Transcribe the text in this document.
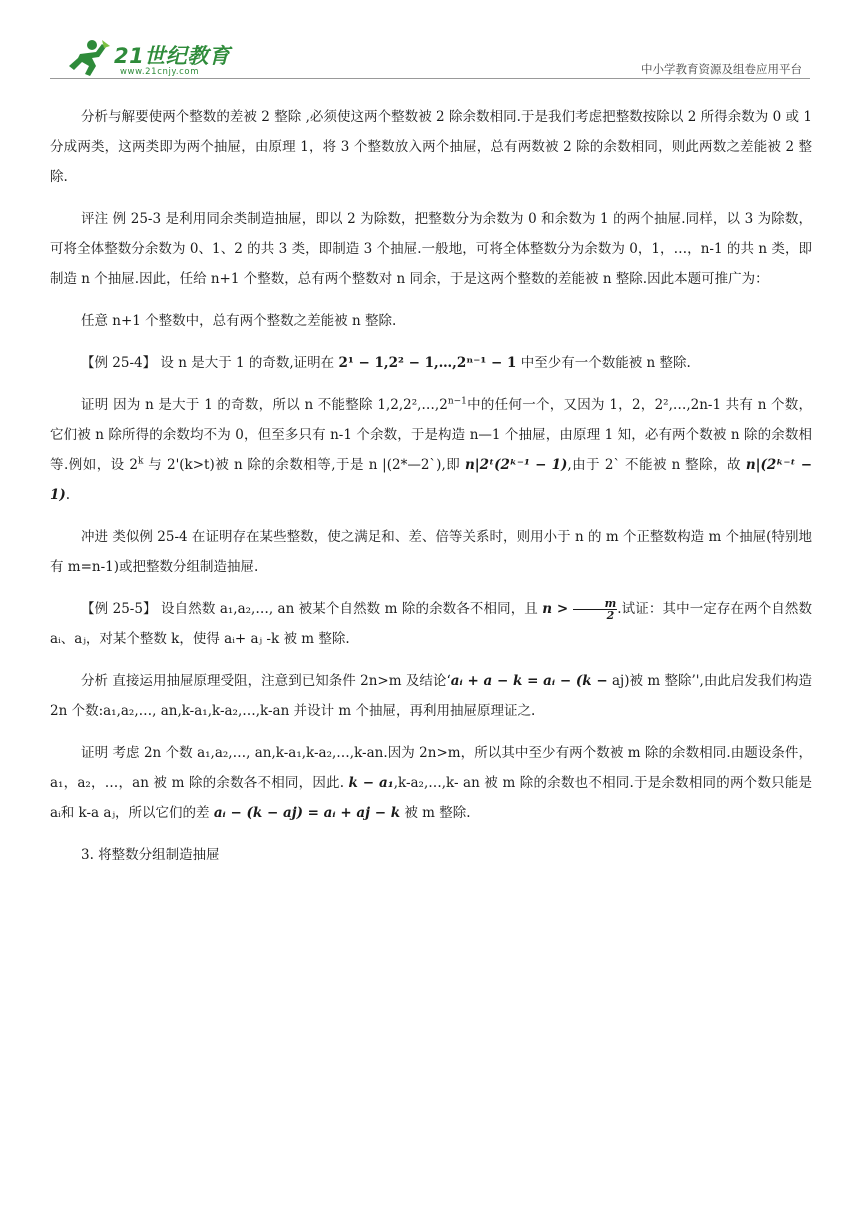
21世纪教育
www.21cnjy.com	中小学教育资源及组卷应用平台

分析与解要使两个整数的差被 2 整除 ,必须使这两个整数被 2 除余数相同.于是我们考虑把整数按除以 2 所得余数为 0 或 1 分成两类，这两类即为两个抽屉，由原理 1，将 3 个整数放入两个抽屉，总有两数被 2 除的余数相同，则此两数之差能被 2 整除.

评注 例 25-3 是利用同余类制造抽屉，即以 2 为除数，把整数分为余数为 0 和余数为 1 的两个抽屉.同样，以 3 为除数，可将全体整数分余数为 0、1、2 的共 3 类，即制造 3 个抽屉.一般地，可将全体整数分为余数为 0，1，…，n-1 的共 n 类，即制造 n 个抽屉.因此，任给 n+1 个整数，总有两个整数对 n 同余，于是这两个整数的差能被 n 整除.因此本题可推广为：

任意 n+1 个整数中，总有两个整数之差能被 n 整除.

【例 25-4】 设 n 是大于 1 的奇数,证明在 2¹ − 1,2² − 1,…,2ⁿ⁻¹ − 1 中至少有一个数能被 n 整除.

证明 因为 n 是大于 1 的奇数，所以 n 不能整除 $1,2,2^2,\dots,2^{n-1}$中的任何一个，又因为 1，2，2²,…,2n-1 共有 n 个数，它们被 n 除所得的余数均不为 0，但至多只有 n-1 个余数，于是构造 n—1 个抽屉，由原理 1 知，必有两个数被 n 除的余数相等.例如，设 2$^k$ 与 2'(k>t)被 n 除的余数相等,于是 n |(2*—2`),即 n|2ᵗ(2ᵏ⁻¹ − 1),由于 2` 不能被 n 整除，故 n|(2ᵏ⁻ᵗ − 1).

冲进 类似例 25-4 在证明存在某些整数，使之满足和、差、倍等关系时，则用小于 n 的 m 个正整数构造 m 个抽屉(特别地有 m=n-1)或把整数分组制造抽屉.

【例 25-5】 设自然数 a₁,a₂,…, an 被某个自然数 m 除的余数各不相同，且 $n > \frac{m}{2}$ .试证：其中一定存在两个自然数 aᵢ、aⱼ，对某个整数 k，使得 aᵢ+ aⱼ -k 被 m 整除.

分析 直接运用抽屉原理受阻，注意到已知条件 2n>m 及结论‘aᵢ + a − k = aᵢ − (k − aj)被 m 整除’',由此启发我们构造 2n 个数:a₁,a₂,…, an,k-a₁,k-a₂,…,k-an 并设计 m 个抽屉，再利用抽屉原理证之.

证明 考虑 2n 个数 a₁,a₂,…, an,k-a₁,k-a₂,…,k-an.因为 2n>m，所以其中至少有两个数被 m 除的余数相同.由题设条件，a₁，a₂，…，an 被 m 除的余数各不相同，因此. k − a₁,k-a₂,…,k- an 被 m 除的余数也不相同.于是余数相同的两个数只能是 aᵢ和 k-a aⱼ，所以它们的差 aᵢ − (k − aj) = aᵢ + aj − k 被 m 整除.

3. 将整数分组制造抽屉
